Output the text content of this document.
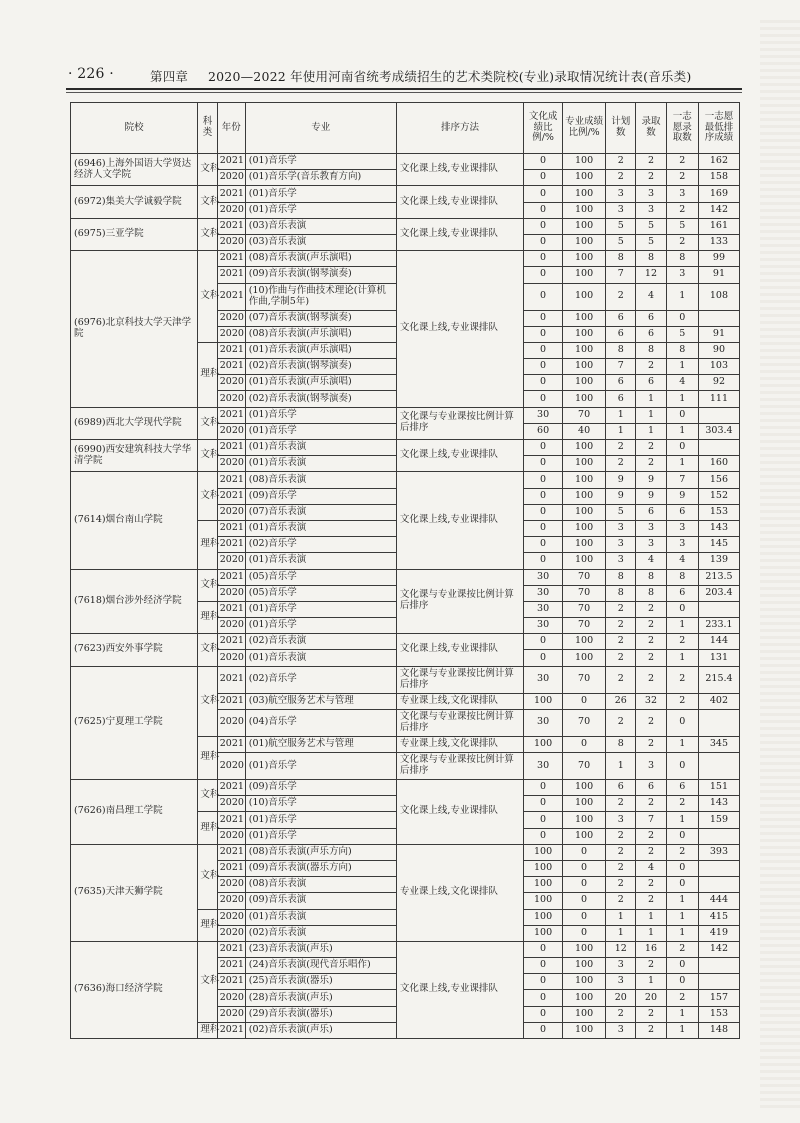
· 226 ·	第四章 2020—2022 年使用河南省统考成绩招生的艺术类院校(专业)录取情况统计表(音乐类)
院校	科类	年份	专业	排序方法	文化成绩比例/%	专业成绩比例/%	计划数	录取数	一志愿录取数	一志愿最低排序成绩
(6946)上海外国语大学贤达经济人文学院	文科	2021	(01)音乐学	文化课上线,专业课排队	0	100	2	2	2	162
		2020	(01)音乐学(音乐教育方向)		0	100	2	2	2	158
(6972)集美大学诚毅学院	文科	2021	(01)音乐学	文化课上线,专业课排队	0	100	3	3	3	169
		2020	(01)音乐学		0	100	3	3	2	142
(6975)三亚学院	文科	2021	(03)音乐表演	文化课上线,专业课排队	0	100	5	5	5	161
		2020	(03)音乐表演		0	100	5	5	2	133
(6976)北京科技大学天津学院	文科	2021	(08)音乐表演(声乐演唱)	文化课上线,专业课排队	0	100	8	8	8	99
		2021	(09)音乐表演(钢琴演奏)		0	100	7	12	3	91
		2021	(10)作曲与作曲技术理论(计算机作曲,学制5年)		0	100	2	4	1	108
		2020	(07)音乐表演(钢琴演奏)		0	100	6	6	0	
		2020	(08)音乐表演(声乐演唱)		0	100	6	6	5	91
	理科	2021	(01)音乐表演(声乐演唱)		0	100	8	8	8	90
		2021	(02)音乐表演(钢琴演奏)		0	100	7	2	1	103
		2020	(01)音乐表演(声乐演唱)		0	100	6	6	4	92
		2020	(02)音乐表演(钢琴演奏)		0	100	6	1	1	111
(6989)西北大学现代学院	文科	2021	(01)音乐学	文化课与专业课按比例计算后排序	30	70	1	1	0	
		2020	(01)音乐学		60	40	1	1	1	303.4
(6990)西安建筑科技大学华清学院	文科	2021	(01)音乐表演	文化课上线,专业课排队	0	100	2	2	0	
		2020	(01)音乐表演		0	100	2	2	1	160
(7614)烟台南山学院	文科	2021	(08)音乐表演	文化课上线,专业课排队	0	100	9	9	7	156
		2021	(09)音乐学		0	100	9	9	9	152
		2020	(07)音乐表演		0	100	5	6	6	153
	理科	2021	(01)音乐表演		0	100	3	3	3	143
		2021	(02)音乐学		0	100	3	3	3	145
		2020	(01)音乐表演		0	100	3	4	4	139
(7618)烟台涉外经济学院	文科	2021	(05)音乐学	文化课与专业课按比例计算后排序	30	70	8	8	8	213.5
		2020	(05)音乐学		30	70	8	8	6	203.4
	理科	2021	(01)音乐学		30	70	2	2	0	
		2020	(01)音乐学		30	70	2	2	1	233.1
(7623)西安外事学院	文科	2021	(02)音乐表演	文化课上线,专业课排队	0	100	2	2	2	144
		2020	(01)音乐表演		0	100	2	2	1	131
(7625)宁夏理工学院	文科	2021	(02)音乐学	文化课与专业课按比例计算后排序	30	70	2	2	2	215.4
		2021	(03)航空服务艺术与管理	专业课上线,文化课排队	100	0	26	32	2	402
		2020	(04)音乐学	文化课与专业课按比例计算后排序	30	70	2	2	0	
	理科	2021	(01)航空服务艺术与管理	专业课上线,文化课排队	100	0	8	2	1	345
		2020	(01)音乐学	文化课与专业课按比例计算后排序	30	70	1	3	0	
(7626)南昌理工学院	文科	2021	(09)音乐学	文化课上线,专业课排队	0	100	6	6	6	151
		2020	(10)音乐学		0	100	2	2	2	143
	理科	2021	(01)音乐学		0	100	3	7	1	159
		2020	(01)音乐学		0	100	2	2	0	
(7635)天津天狮学院	文科	2021	(08)音乐表演(声乐方向)	专业课上线,文化课排队	100	0	2	2	2	393
		2021	(09)音乐表演(器乐方向)		100	0	2	4	0	
		2020	(08)音乐表演		100	0	2	2	0	
		2020	(09)音乐表演		100	0	2	2	1	444
	理科	2020	(01)音乐表演		100	0	1	1	1	415
		2020	(02)音乐表演		100	0	1	1	1	419
(7636)海口经济学院	文科	2021	(23)音乐表演(声乐)	文化课上线,专业课排队	0	100	12	16	2	142
		2021	(24)音乐表演(现代音乐唱作)		0	100	3	2	0	
		2021	(25)音乐表演(器乐)		0	100	3	1	0	
		2020	(28)音乐表演(声乐)		0	100	20	20	2	157
		2020	(29)音乐表演(器乐)		0	100	2	2	1	153
	理科	2021	(02)音乐表演(声乐)		0	100	3	2	1	148
